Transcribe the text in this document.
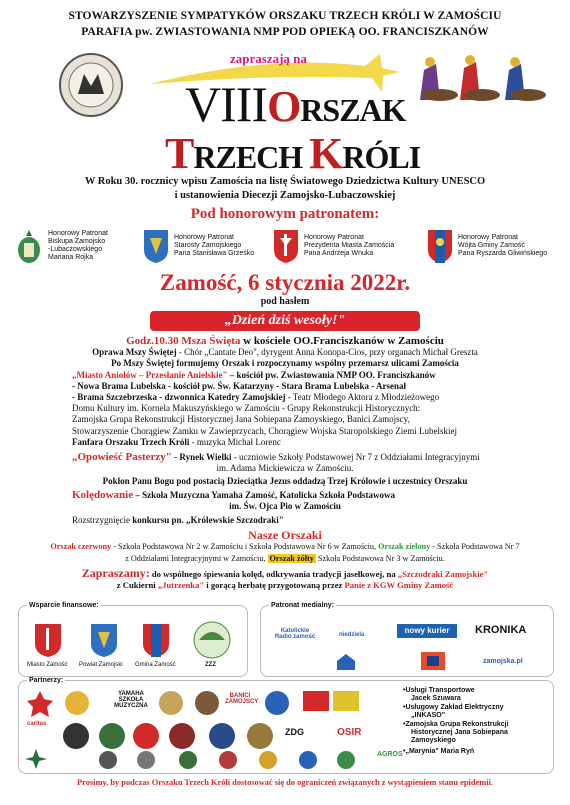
STOWARZYSZENIE SYMPATYKÓW ORSZAKU TRZECH KRÓLI W ZAMOŚCIU
PARAFIA pw. ZWIASTOWANIA NMP POD OPIEKĄ OO. FRANCISZKANÓW
zapraszają na
VIIIORSZAK
TRZECH KRÓLI
W Roku 30. rocznicy wpisu Zamościa na listę Światowego Dziedzictwa Kultury UNESCO
i ustanowienia Diecezji Zamojsko-Lubaczowskiej
Pod honorowym patronatem:
Honorowy Patronat
Biskupa Zamojsko
-Lubaczowskiego
Mariana Rojka
Honorowy Patronat
Starosty Zamojskiego
Pana Stanisława Grześko
Honorowy Patronat
Prezydenta Miasta Zamościa
Pana Andrzeja Wnuka
Honorowy Patronat
Wójta Gminy Zamość
Pana Ryszarda Gliwińskiego
Zamość, 6 stycznia 2022r.
pod hasłem
„Dzień dziś wesoły!"
Godz.10.30 Msza Święta w kościele OO.Franciszkanów w Zamościu
Oprawa Mszy Świętej - Chór „Cantate Deo", dyrygent Anna Konopa-Cios, przy organach Michał Greszta
Po Mszy Świętej formujemy Orszak i rozpoczynamy wspólny przemarsz ulicami Zamościa
„Miasto Aniołów – Przesłanie Anielskie" – kościół pw. Zwiastowania NMP OO. Franciszkanów
- Nowa Brama Lubelska - kościół pw. Św. Katarzyny - Stara Brama Lubelska - Arsenał
- Brama Szczebrzeska - dzwonnica Katedry Zamojskiej - Teatr Młodego Aktora z Młodzieżowego
Domu Kultury im. Kornela Makuszyńskiego w Zamościu - Grupy Rekonstrukcji Historycznych:
Zamojska Grupa Rekonstrukcji Historycznej Jana Sobiepana Zamoyskiego, Banici Zamojscy,
Stowarzyszenie Chorągiew Zamku w Zawieprzycach, Chorągiew Wojska Staropolskiego Ziemi Lubelskiej
Fanfara Orszaku Trzech Króli - muzyka Michał Lorenc
„Opowieść Pasterzy" - Rynek Wielki - uczniowie Szkoły Podstawowej Nr 7 z Oddziałami Integracyjnymi
im. Adama Mickiewicza w Zamościu.
Pokłon Panu Bogu pod postacią Dzieciątka Jezus oddadzą Trzej Królowie i uczestnicy Orszaku
Kolędowanie – Szkoła Muzyczna Yamaha Zamość, Katolicka Szkoła Podstawowa
im. Św. Ojca Pio w Zamościu
Rozstrzygnięcie konkursu pn. „Królewskie Szczodraki"
Nasze Orszaki
Orszak czerwony - Szkoła Podstawowa Nr 2 w Zamościu i Szkoła Podstawowa Nr 6 w Zamościu, Orszak zielony - Szkoła Podstawowa Nr 7
z Oddziałami Integracyjnymi w Zamościu, Orszak żółty Szkoła Podstawowa Nr 3 w Zamościu.
Zapraszamy: do wspólnego śpiewania kolęd, odkrywania tradycji jasełkowej, na „Szczodraki Zamojskie"
z Cukierni „Jutrzenka" i gorącą herbatę przygotowaną przez Panie z KGW Gminy Zamość
Wsparcie finansowe:
Miasto Zamość Powiat Zamojski Gmina Zamość	ZZZ
Patronat medialny:
Katolickie Radio zamość	niedziela	nowy kurier	KRONIKA
zamojska.pl
Partnerzy:
caritas
YAMAHA SZKOŁA MUZYCZNA
BANICI ZAMOJSCY
ZDG	OSIR
AGROS
•Usługi Transportowe
Jacek Szuwara
•Usługowy Zakład Elektryczny
„INKASO"
•Zamojska Grupa Rekonstrukcji
Historycznej Jana Sobiepana
Zamoyskiego
•„Marynia" Maria Ryń
Prosimy, by podczas Orszaku Trzech Króli dostosować się do ograniczeń związanych z wystąpieniem stanu epidemii.
